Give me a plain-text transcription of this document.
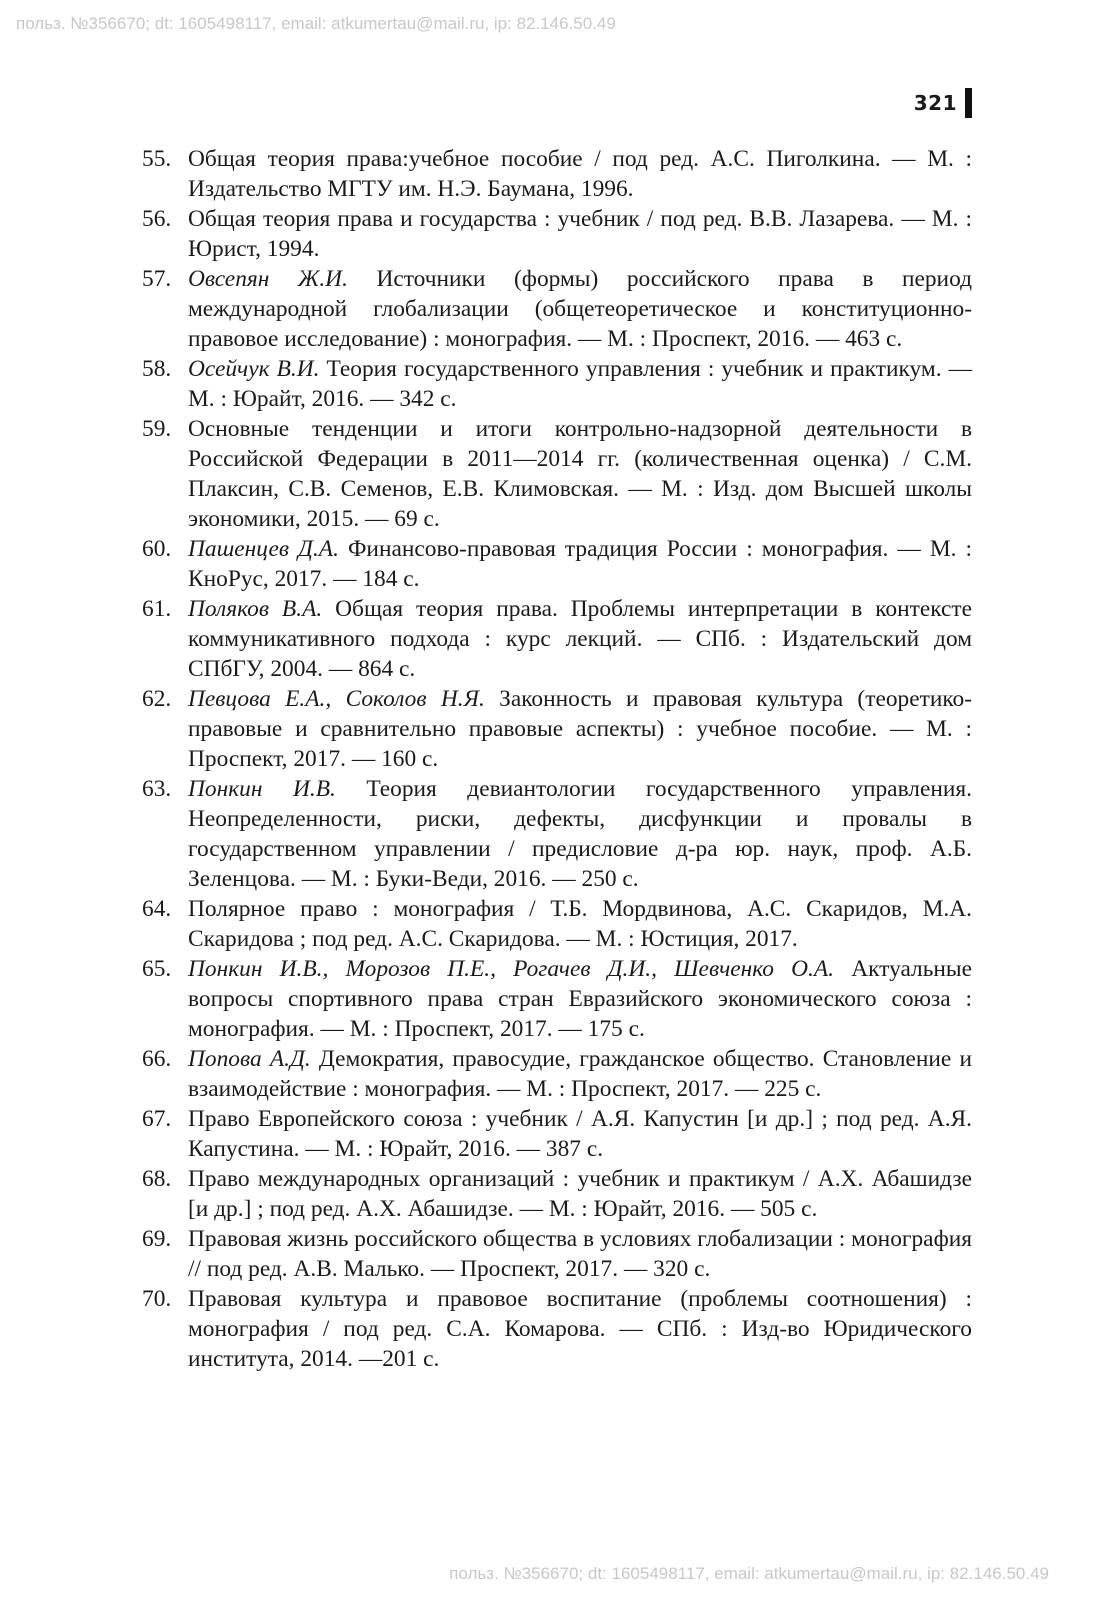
польз. №356670; dt: 1605498117, email: atkumertau@mail.ru, ip: 82.146.50.49
321
55. Общая теория права:учебное пособие / под ред. А.С. Пиголкина. — М. : Издательство МГТУ им. Н.Э. Баумана, 1996.
56. Общая теория права и государства : учебник / под ред. В.В. Лазарева. — М. : Юрист, 1994.
57. Овсепян Ж.И. Источники (формы) российского права в период международной глобализации (общетеоретическое и конституционно-правовое исследование) : монография. — М. : Проспект, 2016. — 463 с.
58. Осейчук В.И. Теория государственного управления : учебник и практикум. — М. : Юрайт, 2016. — 342 с.
59. Основные тенденции и итоги контрольно-надзорной деятельности в Российской Федерации в 2011—2014 гг. (количественная оценка) / С.М. Плаксин, С.В. Семенов, Е.В. Климовская. — М. : Изд. дом Высшей школы экономики, 2015. — 69 с.
60. Пашенцев Д.А. Финансово-правовая традиция России : монография. — М. : КноРус, 2017. — 184 с.
61. Поляков В.А. Общая теория права. Проблемы интерпретации в контексте коммуникативного подхода : курс лекций. — СПб. : Издательский дом СПбГУ, 2004. — 864 с.
62. Певцова Е.А., Соколов Н.Я. Законность и правовая культура (теоретико-правовые и сравнительно правовые аспекты) : учебное пособие. — М. : Проспект, 2017. — 160 с.
63. Понкин И.В. Теория девиантологии государственного управления. Неопределенности, риски, дефекты, дисфункции и провалы в государственном управлении / предисловие д-ра юр. наук, проф. А.Б. Зеленцова. — М. : Буки-Веди, 2016. — 250 с.
64. Полярное право : монография / Т.Б. Мордвинова, А.С. Скаридов, М.А. Скаридова ; под ред. А.С. Скаридова. — М. : Юстиция, 2017.
65. Понкин И.В., Морозов П.Е., Рогачев Д.И., Шевченко О.А. Актуальные вопросы спортивного права стран Евразийского экономического союза : монография. — М. : Проспект, 2017. — 175 с.
66. Попова А.Д. Демократия, правосудие, гражданское общество. Становление и взаимодействие : монография. — М. : Проспект, 2017. — 225 с.
67. Право Европейского союза : учебник / А.Я. Капустин [и др.] ; под ред. А.Я. Капустина. — М. : Юрайт, 2016. — 387 с.
68. Право международных организаций : учебник и практикум / А.Х. Абашидзе [и др.] ; под ред. А.Х. Абашидзе. — М. : Юрайт, 2016. — 505 с.
69. Правовая жизнь российского общества в условиях глобализации : монография // под ред. А.В. Малько. — Проспект, 2017. — 320 с.
70. Правовая культура и правовое воспитание (проблемы соотношения) : монография / под ред. С.А. Комарова. — СПб. : Изд-во Юридического института, 2014. —201 с.
польз. №356670; dt: 1605498117, email: atkumertau@mail.ru, ip: 82.146.50.49
